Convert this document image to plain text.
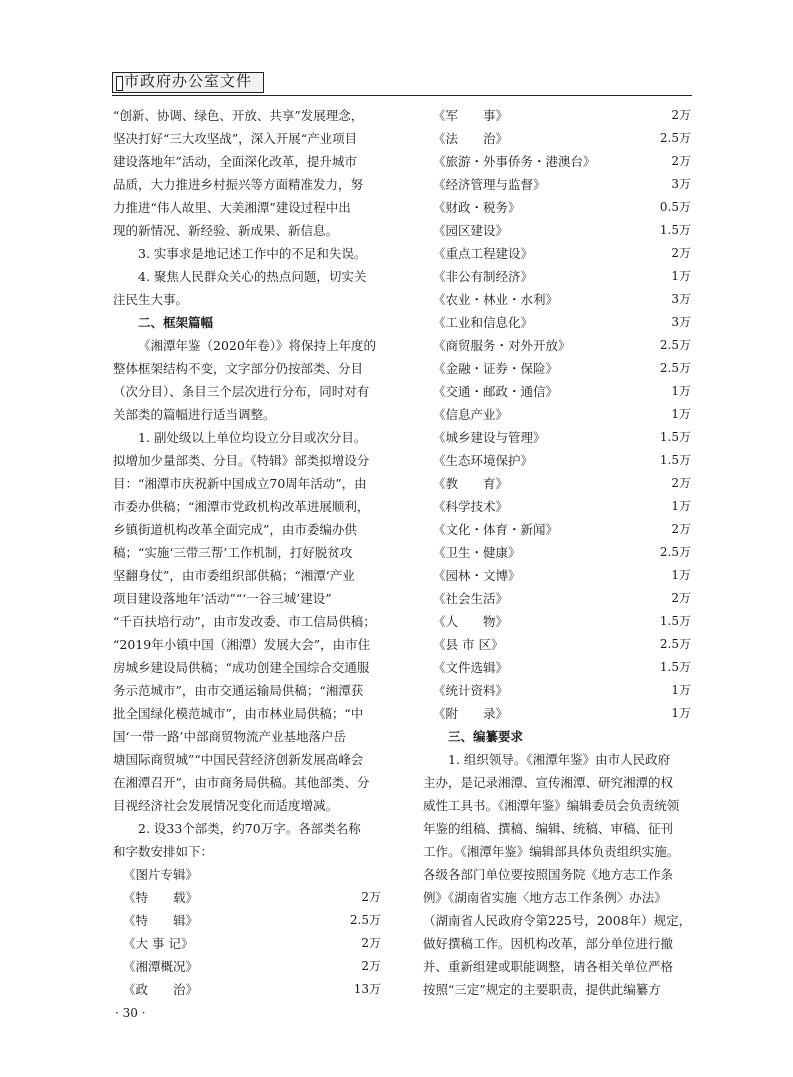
市政府办公室文件
“创新、协调、绿色、开放、共享”发展理念，
坚决打好“三大攻坚战”，深入开展“产业项目
建设落地年”活动，全面深化改革，提升城市
品质，大力推进乡村振兴等方面精准发力，努
力推进“伟人故里、大美湘潭”建设过程中出
现的新情况、新经验、新成果、新信息。
3. 实事求是地记述工作中的不足和失误。
4. 聚焦人民群众关心的热点问题，切实关
注民生大事。
二、框架篇幅
《湘潭年鉴（2020年卷）》将保持上年度的
整体框架结构不变，文字部分仍按部类、分目
（次分目）、条目三个层次进行分布，同时对有
关部类的篇幅进行适当调整。
1. 副处级以上单位均设立分目或次分目。
拟增加少量部类、分目。《特辑》部类拟增设分
目：“湘潭市庆祝新中国成立70周年活动”，由
市委办供稿；“湘潭市党政机构改革进展顺利，
乡镇街道机构改革全面完成”，由市委编办供
稿；“实施‘三带三帮’工作机制，打好脱贫攻
坚翻身仗”，由市委组织部供稿；“湘潭‘产业
项目建设落地年’活动”“‘一谷三城’建设”
“千百扶培行动”，由市发改委、市工信局供稿；
“2019年小镇中国（湘潭）发展大会”，由市住
房城乡建设局供稿；“成功创建全国综合交通服
务示范城市”，由市交通运输局供稿；“湘潭获
批全国绿化模范城市”，由市林业局供稿；“中
国‘一带一路’中部商贸物流产业基地落户岳
塘国际商贸城”“中国民营经济创新发展高峰会
在湘潭召开”，由市商务局供稿。其他部类、分
目视经济社会发展情况变化而适度增减。
2. 设33个部类，约70万字。各部类名称
和字数安排如下：
《图片专辑》
《特　　载》	2万
《特　　辑》	2.5万
《大 事 记》	2万
《湘潭概况》	2万
《政　　治》	13万
《军　　事》	2万
《法　　治》	2.5万
《旅游・外事侨务・港澳台》	2万
《经济管理与监督》	3万
《财政・税务》	0.5万
《园区建设》	1.5万
《重点工程建设》	2万
《非公有制经济》	1万
《农业・林业・水利》	3万
《工业和信息化》	3万
《商贸服务・对外开放》	2.5万
《金融・证券・保险》	2.5万
《交通・邮政・通信》	1万
《信息产业》	1万
《城乡建设与管理》	1.5万
《生态环境保护》	1.5万
《教　　育》	2万
《科学技术》	1万
《文化・体育・新闻》	2万
《卫生・健康》	2.5万
《园林・文博》	1万
《社会生活》	2万
《人　　物》	1.5万
《县 市 区》	2.5万
《文件选辑》	1.5万
《统计资料》	1万
《附　　录》	1万
三、编纂要求
1. 组织领导。《湘潭年鉴》由市人民政府
主办，是记录湘潭、宣传湘潭、研究湘潭的权
威性工具书。《湘潭年鉴》编辑委员会负责统领
年鉴的组稿、撰稿、编辑、统稿、审稿、征刊
工作。《湘潭年鉴》编辑部具体负责组织实施。
各级各部门单位要按照国务院《地方志工作条
例》《湖南省实施〈地方志工作条例〉办法》
（湖南省人民政府令第225号，2008年）规定，
做好撰稿工作。因机构改革，部分单位进行撤
并、重新组建或职能调整，请各相关单位严格
按照“三定”规定的主要职责，提供此编纂方
· 30 ·
